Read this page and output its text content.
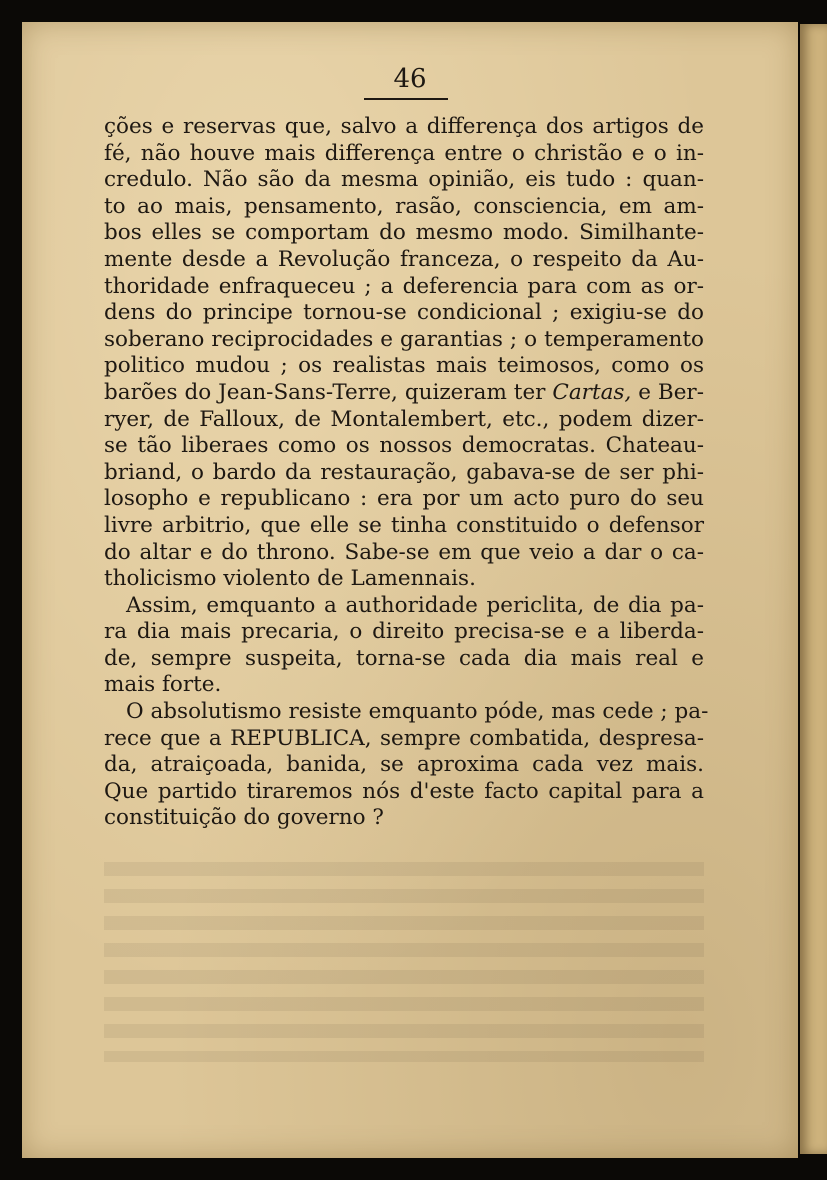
46
ções e reservas que, salvo a differença dos artigos de
fé, não houve mais differença entre o christão e o in-
credulo. Não são da mesma opinião, eis tudo : quan-
to ao mais, pensamento, rasão, consciencia, em am-
bos elles se comportam do mesmo modo. Similhante-
mente desde a Revolução franceza, o respeito da Au-
thoridade enfraqueceu ; a deferencia para com as or-
dens do principe tornou-se condicional ; exigiu-se do
soberano reciprocidades e garantias ; o temperamento
politico mudou ; os realistas mais teimosos, como os
barões do Jean-Sans-Terre, quizeram ter Cartas, e Ber-
ryer, de Falloux, de Montalembert, etc., podem dizer-
se tão liberaes como os nossos democratas. Chateau-
briand, o bardo da restauração, gabava-se de ser phi-
losopho e republicano : era por um acto puro do seu
livre arbitrio, que elle se tinha constituido o defensor
do altar e do throno. Sabe-se em que veio a dar o ca-
tholicismo violento de Lamennais.
Assim, emquanto a authoridade periclita, de dia pa-
ra dia mais precaria, o direito precisa-se e a liberda-
de, sempre suspeita, torna-se cada dia mais real e
mais forte.
O absolutismo resiste emquanto póde, mas cede ; pa-
rece que a REPUBLICA, sempre combatida, despresa-
da, atraiçoada, banida, se aproxima cada vez mais.
Que partido tiraremos nós d'este facto capital para a
constituição do governo ?
